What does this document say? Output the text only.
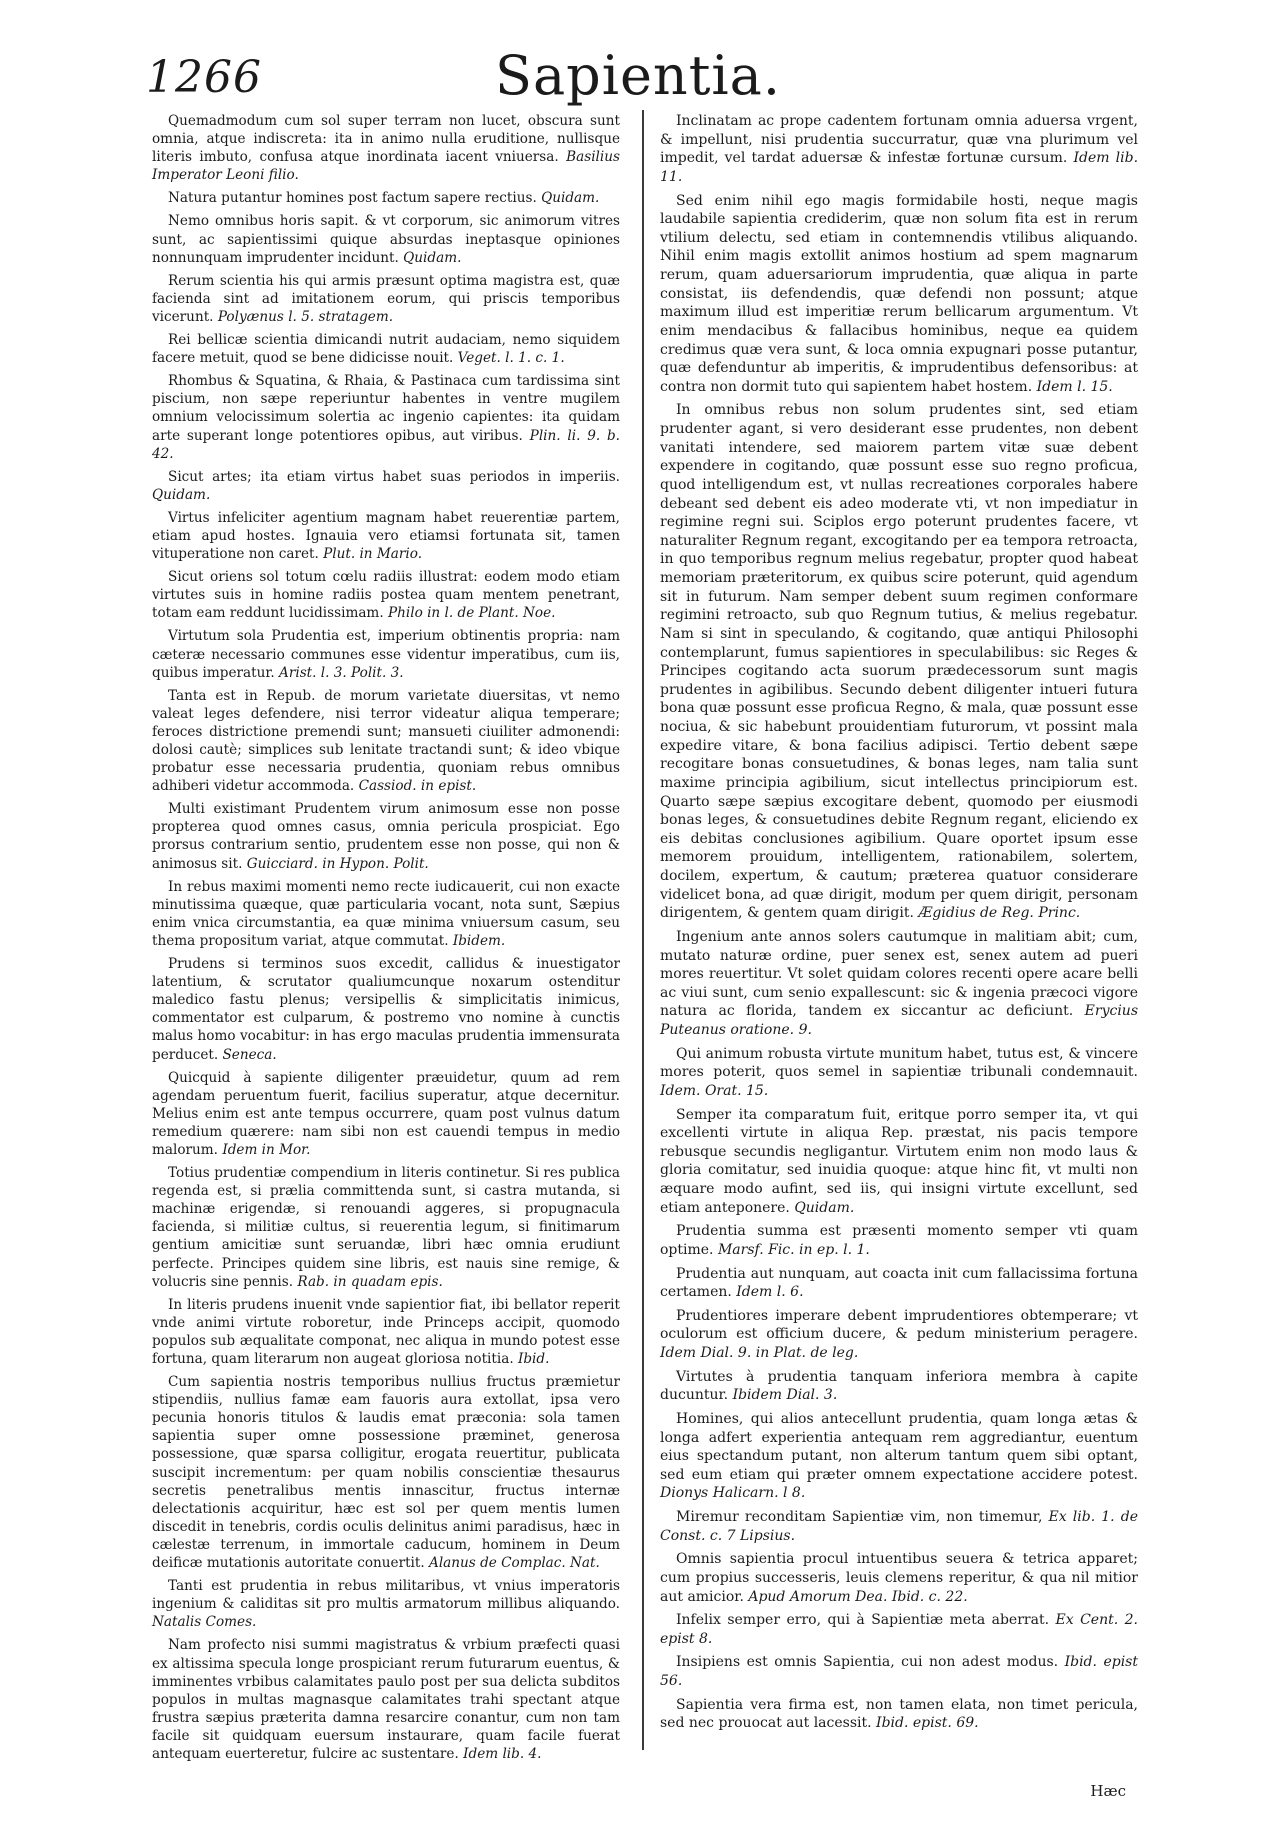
1266	Sapientia.

Quemadmodum cum sol super terram non lucet, obscura sunt omnia, atque indiscreta: ita in animo nulla eruditione, nullisque literis imbuto, confusa atque inordinata iacent vniuersa. Basilius Imperator Leoni filio.

Natura putantur homines post factum sapere rectius. Quidam.

Nemo omnibus horis sapit. & vt corporum, sic animorum vitres sunt, ac sapientissimi quique absurdas ineptasque opiniones nonnunquam imprudenter incidunt. Quidam.

Rerum scientia his qui armis præsunt optima magistra est, quæ facienda sint ad imitationem eorum, qui priscis temporibus vicerunt. Polyænus l. 5. stratagem.

Rei bellicæ scientia dimicandi nutrit audaciam, nemo siquidem facere metuit, quod se bene didicisse nouit. Veget. l. 1. c. 1.

Rhombus & Squatina, & Rhaia, & Pastinaca cum tardissima sint piscium, non sæpe reperiuntur habentes in ventre mugilem omnium velocissimum solertia ac ingenio capientes: ita quidam arte superant longe potentiores opibus, aut viribus. Plin. li. 9. b. 42.

Sicut artes; ita etiam virtus habet suas periodos in imperiis. Quidam.

Virtus infeliciter agentium magnam habet reuerentiæ partem, etiam apud hostes. Ignauia vero etiamsi fortunata sit, tamen vituperatione non caret. Plut. in Mario.

Sicut oriens sol totum cœlu radiis illustrat: eodem modo etiam virtutes suis in homine radiis postea quam mentem penetrant, totam eam reddunt lucidissimam. Philo in l. de Plant. Noe.

Virtutum sola Prudentia est, imperium obtinentis propria: nam cæteræ necessario communes esse videntur imperatibus, cum iis, quibus imperatur. Arist. l. 3. Polit. 3.

Tanta est in Repub. de morum varietate diuersitas, vt nemo valeat leges defendere, nisi terror videatur aliqua temperare; feroces districtione premendi sunt; mansueti ciuiliter admonendi: dolosi cautè; simplices sub lenitate tractandi sunt; & ideo vbique probatur esse necessaria prudentia, quoniam rebus omnibus adhiberi videtur accommoda. Cassiod. in epist.

Multi existimant Prudentem virum animosum esse non posse propterea quod omnes casus, omnia pericula prospiciat. Ego prorsus contrarium sentio, prudentem esse non posse, qui non & animosus sit. Guicciard. in Hypon. Polit.

In rebus maximi momenti nemo recte iudicauerit, cui non exacte minutissima quæque, quæ particularia vocant, nota sunt, Sæpius enim vnica circumstantia, ea quæ minima vniuersum casum, seu thema propositum variat, atque commutat. Ibidem.

Prudens si terminos suos excedit, callidus & inuestigator latentium, & scrutator qualiumcunque noxarum ostenditur maledico fastu plenus; versipellis & simplicitatis inimicus, commentator est culparum, & postremo vno nomine à cunctis malus homo vocabitur: in has ergo maculas prudentia immensurata perducet. Seneca.

Quicquid à sapiente diligenter præuidetur, quum ad rem agendam peruentum fuerit, facilius superatur, atque decernitur. Melius enim est ante tempus occurrere, quam post vulnus datum remedium quærere: nam sibi non est cauendi tempus in medio malorum. Idem in Mor.

Totius prudentiæ compendium in literis continetur. Si res publica regenda est, si prælia committenda sunt, si castra mutanda, si machinæ erigendæ, si renouandi aggeres, si propugnacula facienda, si militiæ cultus, si reuerentia legum, si finitimarum gentium amicitiæ sunt seruandæ, libri hæc omnia erudiunt perfecte. Principes quidem sine libris, est nauis sine remige, & volucris sine pennis. Rab. in quadam epis.

In literis prudens inuenit vnde sapientior fiat, ibi bellator reperit vnde animi virtute roboretur, inde Princeps accipit, quomodo populos sub æqualitate componat, nec aliqua in mundo potest esse fortuna, quam literarum non augeat gloriosa notitia. Ibid.

Cum sapientia nostris temporibus nullius fructus præmietur stipendiis, nullius famæ eam fauoris aura extollat, ipsa vero pecunia honoris titulos & laudis emat præconia: sola tamen sapientia super omne possessione præminet, generosa possessione, quæ sparsa colligitur, erogata reuertitur, publicata suscipit incrementum: per quam nobilis conscientiæ thesaurus secretis penetralibus mentis innascitur, fructus internæ delectationis acquiritur, hæc est sol per quem mentis lumen discedit in tenebris, cordis oculis delinitus animi paradisus, hæc in cælestæ terrenum, in immortale caducum, hominem in Deum deificæ mutationis autoritate conuertit. Alanus de Complac. Nat.

Tanti est prudentia in rebus militaribus, vt vnius imperatoris ingenium & caliditas sit pro multis armatorum millibus aliquando. Natalis Comes.

Nam profecto nisi summi magistratus & vrbium præfecti quasi ex altissima specula longe prospiciant rerum futurarum euentus, & imminentes vrbibus calamitates paulo post per sua delicta subditos populos in multas magnasque calamitates trahi spectant atque frustra sæpius præterita damna resarcire conantur, cum non tam facile sit quidquam euersum instaurare, quam facile fuerat antequam euerteretur, fulcire ac sustentare. Idem lib. 4.

Inclinatam ac prope cadentem fortunam omnia aduersa vrgent, & impellunt, nisi prudentia succurratur, quæ vna plurimum vel impedit, vel tardat aduersæ & infestæ fortunæ cursum. Idem lib. 11.

Sed enim nihil ego magis formidabile hosti, neque magis laudabile sapientia crediderim, quæ non solum fita est in rerum vtilium delectu, sed etiam in contemnendis vtilibus aliquando. Nihil enim magis extollit animos hostium ad spem magnarum rerum, quam aduersariorum imprudentia, quæ aliqua in parte consistat, iis defendendis, quæ defendi non possunt; atque maximum illud est imperitiæ rerum bellicarum argumentum. Vt enim mendacibus & fallacibus hominibus, neque ea quidem credimus quæ vera sunt, & loca omnia expugnari posse putantur, quæ defenduntur ab imperitis, & imprudentibus defensoribus: at contra non dormit tuto qui sapientem habet hostem. Idem l. 15.

In omnibus rebus non solum prudentes sint, sed etiam prudenter agant, si vero desiderant esse prudentes, non debent vanitati intendere, sed maiorem partem vitæ suæ debent expendere in cogitando, quæ possunt esse suo regno proficua, quod intelligendum est, vt nullas recreationes corporales habere debeant sed debent eis adeo moderate vti, vt non impediatur in regimine regni sui. Sciplos ergo poterunt prudentes facere, vt naturaliter Regnum regant, excogitando per ea tempora retroacta, in quo temporibus regnum melius regebatur, propter quod habeat memoriam præteritorum, ex quibus scire poterunt, quid agendum sit in futurum. Nam semper debent suum regimen conformare regimini retroacto, sub quo Regnum tutius, & melius regebatur. Nam si sint in speculando, & cogitando, quæ antiqui Philosophi contemplarunt, fumus sapientiores in speculabilibus: sic Reges & Principes cogitando acta suorum prædecessorum sunt magis prudentes in agibilibus. Secundo debent diligenter intueri futura bona quæ possunt esse proficua Regno, & mala, quæ possunt esse nociua, & sic habebunt prouidentiam futurorum, vt possint mala expedire vitare, & bona facilius adipisci. Tertio debent sæpe recogitare bonas consuetudines, & bonas leges, nam talia sunt maxime principia agibilium, sicut intellectus principiorum est. Quarto sæpe sæpius excogitare debent, quomodo per eiusmodi bonas leges, & consuetudines debite Regnum regant, eliciendo ex eis debitas conclusiones agibilium. Quare oportet ipsum esse memorem prouidum, intelligentem, rationabilem, solertem, docilem, expertum, & cautum; præterea quatuor considerare videlicet bona, ad quæ dirigit, modum per quem dirigit, personam dirigentem, & gentem quam dirigit. Ægidius de Reg. Princ.

Ingenium ante annos solers cautumque in malitiam abit; cum, mutato naturæ ordine, puer senex est, senex autem ad pueri mores reuertitur. Vt solet quidam colores recenti opere acare belli ac viui sunt, cum senio expallescunt: sic & ingenia præcoci vigore natura ac florida, tandem ex siccantur ac deficiunt. Erycius Puteanus oratione. 9.

Qui animum robusta virtute munitum habet, tutus est, & vincere mores poterit, quos semel in sapientiæ tribunali condemnauit. Idem. Orat. 15.

Semper ita comparatum fuit, eritque porro semper ita, vt qui excellenti virtute in aliqua Rep. præstat, nis pacis tempore rebusque secundis negligantur. Virtutem enim non modo laus & gloria comitatur, sed inuidia quoque: atque hinc fit, vt multi non æquare modo aufint, sed iis, qui insigni virtute excellunt, sed etiam anteponere. Quidam.

Prudentia summa est præsenti momento semper vti quam optime. Marsf. Fic. in ep. l. 1.

Prudentia aut nunquam, aut coacta init cum fallacissima fortuna certamen. Idem l. 6.

Prudentiores imperare debent imprudentiores obtemperare; vt oculorum est officium ducere, & pedum ministerium peragere. Idem Dial. 9. in Plat. de leg.

Virtutes à prudentia tanquam inferiora membra à capite ducuntur. Ibidem Dial. 3.

Homines, qui alios antecellunt prudentia, quam longa ætas & longa adfert experientia antequam rem aggrediantur, euentum eius spectandum putant, non alterum tantum quem sibi optant, sed eum etiam qui præter omnem expectatione accidere potest. Dionys Halicarn. l 8.

Miremur reconditam Sapientiæ vim, non timemur, Ex lib. 1. de Const. c. 7 Lipsius.

Omnis sapientia procul intuentibus seuera & tetrica apparet; cum propius successeris, leuis clemens reperitur, & qua nil mitior aut amicior. Apud Amorum Dea. Ibid. c. 22.

Infelix semper erro, qui à Sapientiæ meta aberrat. Ex Cent. 2. epist 8.

Insipiens est omnis Sapientia, cui non adest modus. Ibid. epist 56.

Sapientia vera firma est, non tamen elata, non timet pericula, sed nec prouocat aut lacessit. Ibid. epist. 69.

Hæc
